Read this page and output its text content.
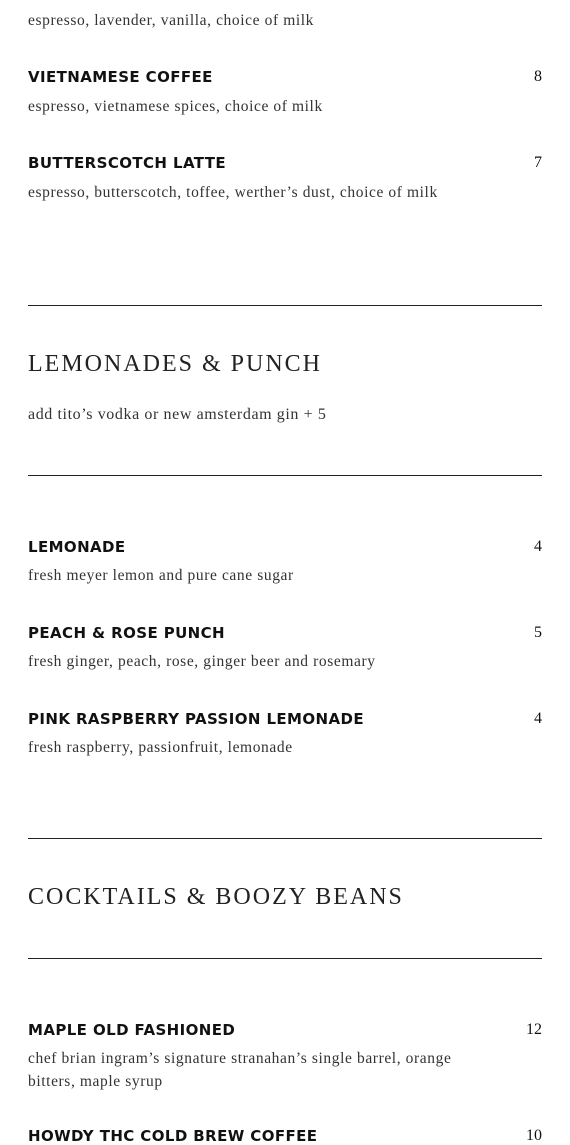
espresso, lavender, vanilla, choice of milk
VIETNAMESE COFFEE	8
espresso, vietnamese spices, choice of milk
BUTTERSCOTCH LATTE	7
espresso, butterscotch, toffee, werther’s dust, choice of milk
LEMONADES & PUNCH
add tito’s vodka or new amsterdam gin + 5
LEMONADE	4
fresh meyer lemon and pure cane sugar
PEACH & ROSE PUNCH	5
fresh ginger, peach, rose, ginger beer and rosemary
PINK RASPBERRY PASSION LEMONADE	4
fresh raspberry, passionfruit, lemonade
COCKTAILS & BOOZY BEANS
MAPLE OLD FASHIONED	12
chef brian ingram’s signature stranahan’s single barrel, orange bitters, maple syrup
HOWDY THC COLD BREW COFFEE	10
